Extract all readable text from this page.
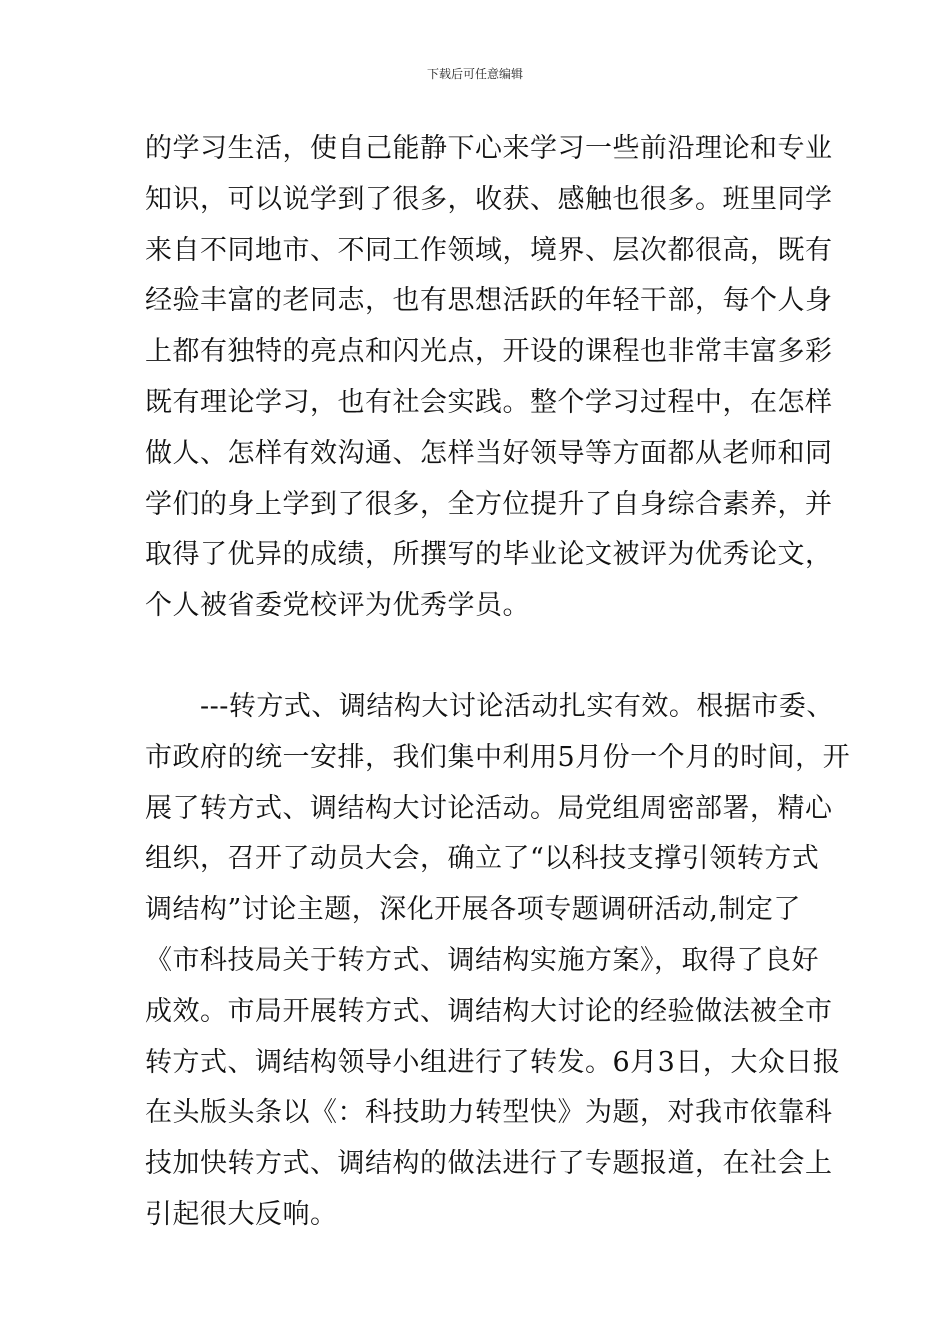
下载后可任意编辑
的学习生活，使自己能静下心来学习一些前沿理论和专业
知识，可以说学到了很多，收获、感触也很多。班里同学
来自不同地市、不同工作领域，境界、层次都很高，既有
经验丰富的老同志，也有思想活跃的年轻干部，每个人身
上都有独特的亮点和闪光点，开设的课程也非常丰富多彩
既有理论学习，也有社会实践。整个学习过程中，在怎样
做人、怎样有效沟通、怎样当好领导等方面都从老师和同
学们的身上学到了很多，全方位提升了自身综合素养，并
取得了优异的成绩，所撰写的毕业论文被评为优秀论文，
个人被省委党校评为优秀学员。
　　---转方式、调结构大讨论活动扎实有效。根据市委、
市政府的统一安排，我们集中利用5月份一个月的时间，开
展了转方式、调结构大讨论活动。局党组周密部署，精心
组织，召开了动员大会，确立了“以科技支撑引领转方式
调结构”讨论主题，深化开展各项专题调研活动,制定了
《市科技局关于转方式、调结构实施方案》，取得了良好
成效。市局开展转方式、调结构大讨论的经验做法被全市
转方式、调结构领导小组进行了转发。6月3日，大众日报
在头版头条以《：科技助力转型快》为题，对我市依靠科
技加快转方式、调结构的做法进行了专题报道，在社会上
引起很大反响。
